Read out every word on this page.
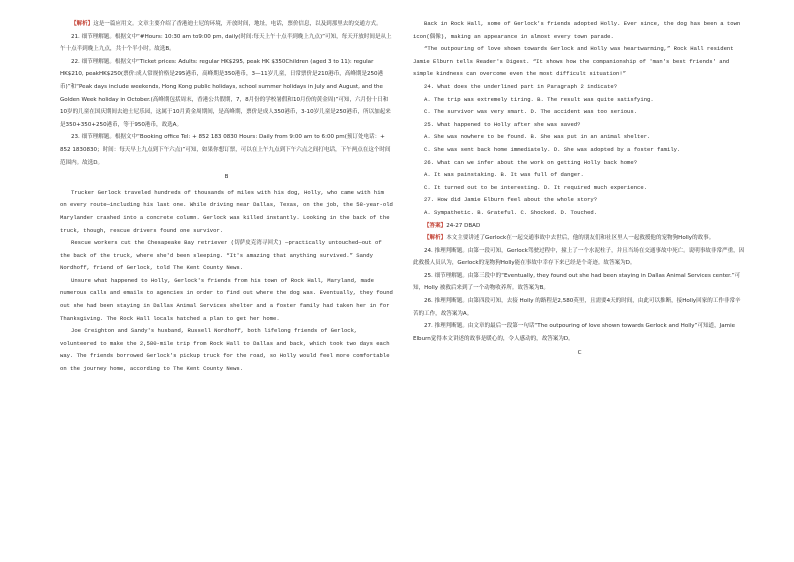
【解析】这是一篇应用文。文章主要介绍了香港迪士尼的环境，开放时间，地址，电话，票价信息，以及到那里去的交通方式。

21. 细节理解题。根据文中“#Hours: 10:30 am to9:00 pm, daily(时间:每天上午十点半到晚上九点)”可知，每天开放时间是从上午十点半到晚上九点，共十个半小时。故选B。

22. 细节理解题。根据文中“Ticket prices: Adults: regular HK$295, peak HK $350Children (aged 3 to 11): regular HK$210, peakHK$250(票价:成人常规价格是295港币，高峰期是350港币，3—11岁儿童，日常票价是210港币，高峰期是250港币)”和“Peak days include weekends, Hong Kong public holidays, school summer holidays in July and August, and the Golden Week holiday in October.(高峰期包括周末，香港公共假期，7，8月份的学校暑假和10月份的黄金周)”可知，六月份十日和10岁的儿童在国庆期间去迪士尼乐园，这属于10月黄金周期间，是高峰期，票价是成人350港币，3-10岁儿童是250港币，所以加起来是350+350+250港币，等于950港币，故选A。

23. 细节理解题。根据文中“Booking office Tel: + 852 183 0830 Hours: Daily from 9:00 am to 6:00 pm(预订处电话：+ 852 1830830；时间：每天早上九点到下午六点)”可知，如果你想订票，可以在上午九点到下午六点之间打电话，下午两点在这个时间范围内。故选D。

B

Trucker Gerlock traveled hundreds of thousands of miles with his dog, Holly, who came with him on every route—including his last one. While driving near Dallas, Texas, on the job, the 58-year-old Marylander crashed into a concrete column. Gerlock was killed instantly. Looking in the back of the truck, though, rescue drivers found one survivor.

Rescue workers cut the Chesapeake Bay retriever (切萨皮克湾寻回犬) —practically untouched—out of the back of the truck, where she'd been sleeping. “It's amazing that anything survived.” Sandy Nordhoff, friend of Gerlock, told The Kent County News.

Unsure what happened to Holly, Gerlock's friends from his town of Rock Hall, Maryland, made numerous calls and emails to agencies in order to find out where the dog was. Eventually, they found out she had been staying in Dallas Animal Services shelter and a foster family had taken her in for Thanksgiving. The Rock Hall locals hatched a plan to get her home.

Joe Creighton and Sandy's husband, Russell Nordhoff, both lifelong friends of Gerlock, volunteered to make the 2,580-mile trip from Rock Hall to Dallas and back, which took two days each way. The friends borrowed Gerlock's pickup truck for the road, so Holly would feel more comfortable on the journey home, according to The Kent County News.

Back in Rock Hall, some of Gerlock's friends adopted Holly. Ever since, the dog has been a town icon(偶像), making an appearance in almost every town parade.

“The outpouring of love shown towards Gerlock and Holly was heartwarming,” Rock Hall resident Jamie Elburn tells Reader's Digest. “It shows how the companionship of 'man's best friends' and simple kindness can overcome even the most difficult situation!”

24. What does the underlined part in Paragraph 2 indicate?

A. The trip was extremely tiring. B. The result was quite satisfying.

C. The survivor was very smart. D. The accident was too serious.

25. What happened to Holly after she was saved?

A. She was nowhere to be found. B. She was put in an animal shelter.

C. She was sent back home immediately. D. She was adopted by a foster family.

26. What can we infer about the work on getting Holly back home?

A. It was painstaking. B. It was full of danger.

C. It turned out to be interesting. D. It required much experience.

27. How did Jamie Elburn feel about the whole story?

A. Sympathetic. B. Grateful. C. Shocked. D. Touched.

【答案】24-27 DBAD

【解析】本文主要讲述了Gerlock在一起交通事故中去世后，他的朋友们和社区里人一起救援他的宠物狗Holly的故事。

24. 推理判断题。由第一段可知，Gerlock驾驶过程中，撞上了一个水泥柱子，并且当场在交通事故中死亡。说明事故非常严重，因此救援人员认为，Gerlock的宠物狗Holly能在事故中幸存下来已经是个奇迹。故答案为D。

25. 细节理解题。由第三段中的“Eventually, they found out she had been staying in Dallas Animal Services center.”可知，Holly 被救后来到了一个动物收养所。故答案为B。

26. 推理判断题。由第四段可知，去接 Holly 的路程是2,580英里，且需要4天的时间，由此可以推断，接Holly回家的工作非常辛苦的工作，故答案为A。

27. 推理判断题。由文章的最后一段第一句话“The outpouring of love shown towards Gerlock and Holly”可知道，Jamie Elburn觉得本文讲述的故事是暖心的，令人感动的，故答案为D。

C
